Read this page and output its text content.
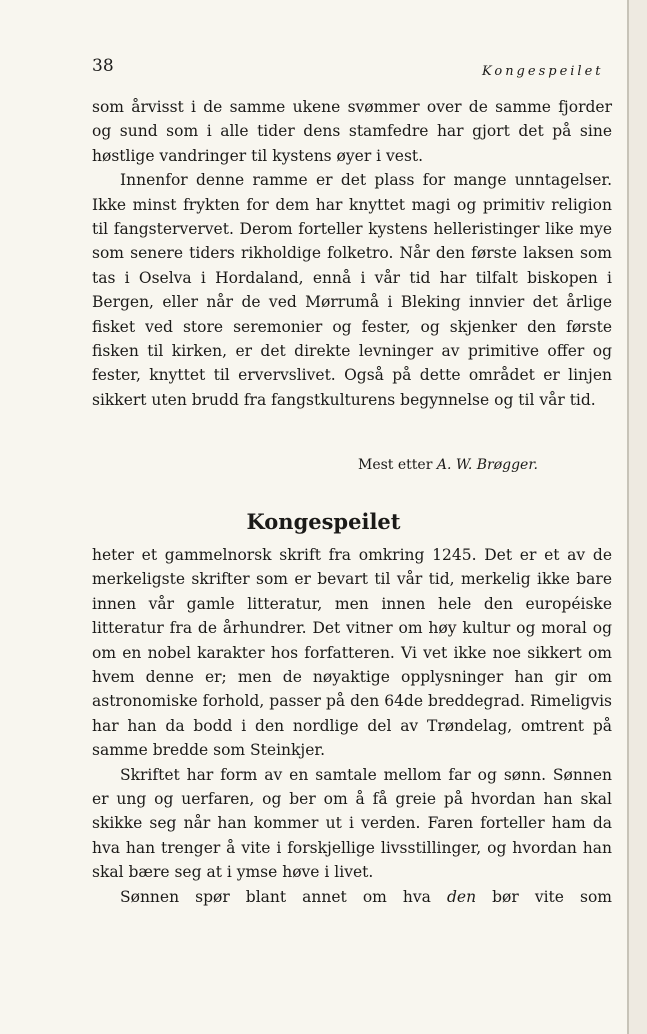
38	Kongespeilet

som årvisst i de samme ukene svømmer over de samme fjorder og sund som i alle tider dens stamfedre har gjort det på sine høstlige vandringer til kystens øyer i vest.

Innenfor denne ramme er det plass for mange unntagelser. Ikke minst frykten for dem har knyttet magi og primitiv religion til fangstervervet. Derom forteller kystens helleristinger like mye som senere tiders rikholdige folketro. Når den første laksen som tas i Oselva i Hordaland, ennå i vår tid har tilfalt biskopen i Bergen, eller når de ved Mørrumå i Bleking innvier det årlige fisket ved store seremonier og fester, og skjenker den første fisken til kirken, er det direkte levninger av primitive offer og fester, knyttet til ervervslivet. Også på dette området er linjen sikkert uten brudd fra fangstkulturens begynnelse og til vår tid.

Mest etter A. W. Brøgger.
Kongespeilet

heter et gammelnorsk skrift fra omkring 1245. Det er et av de merkeligste skrifter som er bevart til vår tid, merkelig ikke bare innen vår gamle litteratur, men innen hele den européiske litteratur fra de århundrer. Det vitner om høy kultur og moral og om en nobel karakter hos forfatteren. Vi vet ikke noe sikkert om hvem denne er; men de nøyaktige opplysninger han gir om astronomiske forhold, passer på den 64de breddegrad. Rimeligvis har han da bodd i den nordlige del av Trøndelag, omtrent på samme bredde som Steinkjer.

Skriftet har form av en samtale mellom far og sønn. Sønnen er ung og uerfaren, og ber om å få greie på hvordan han skal skikke seg når han kommer ut i verden. Faren forteller ham da hva han trenger å vite i forskjellige livsstillinger, og hvordan han skal bære seg at i ymse høve i livet.

Sønnen spør blant annet om hva den bør vite som
